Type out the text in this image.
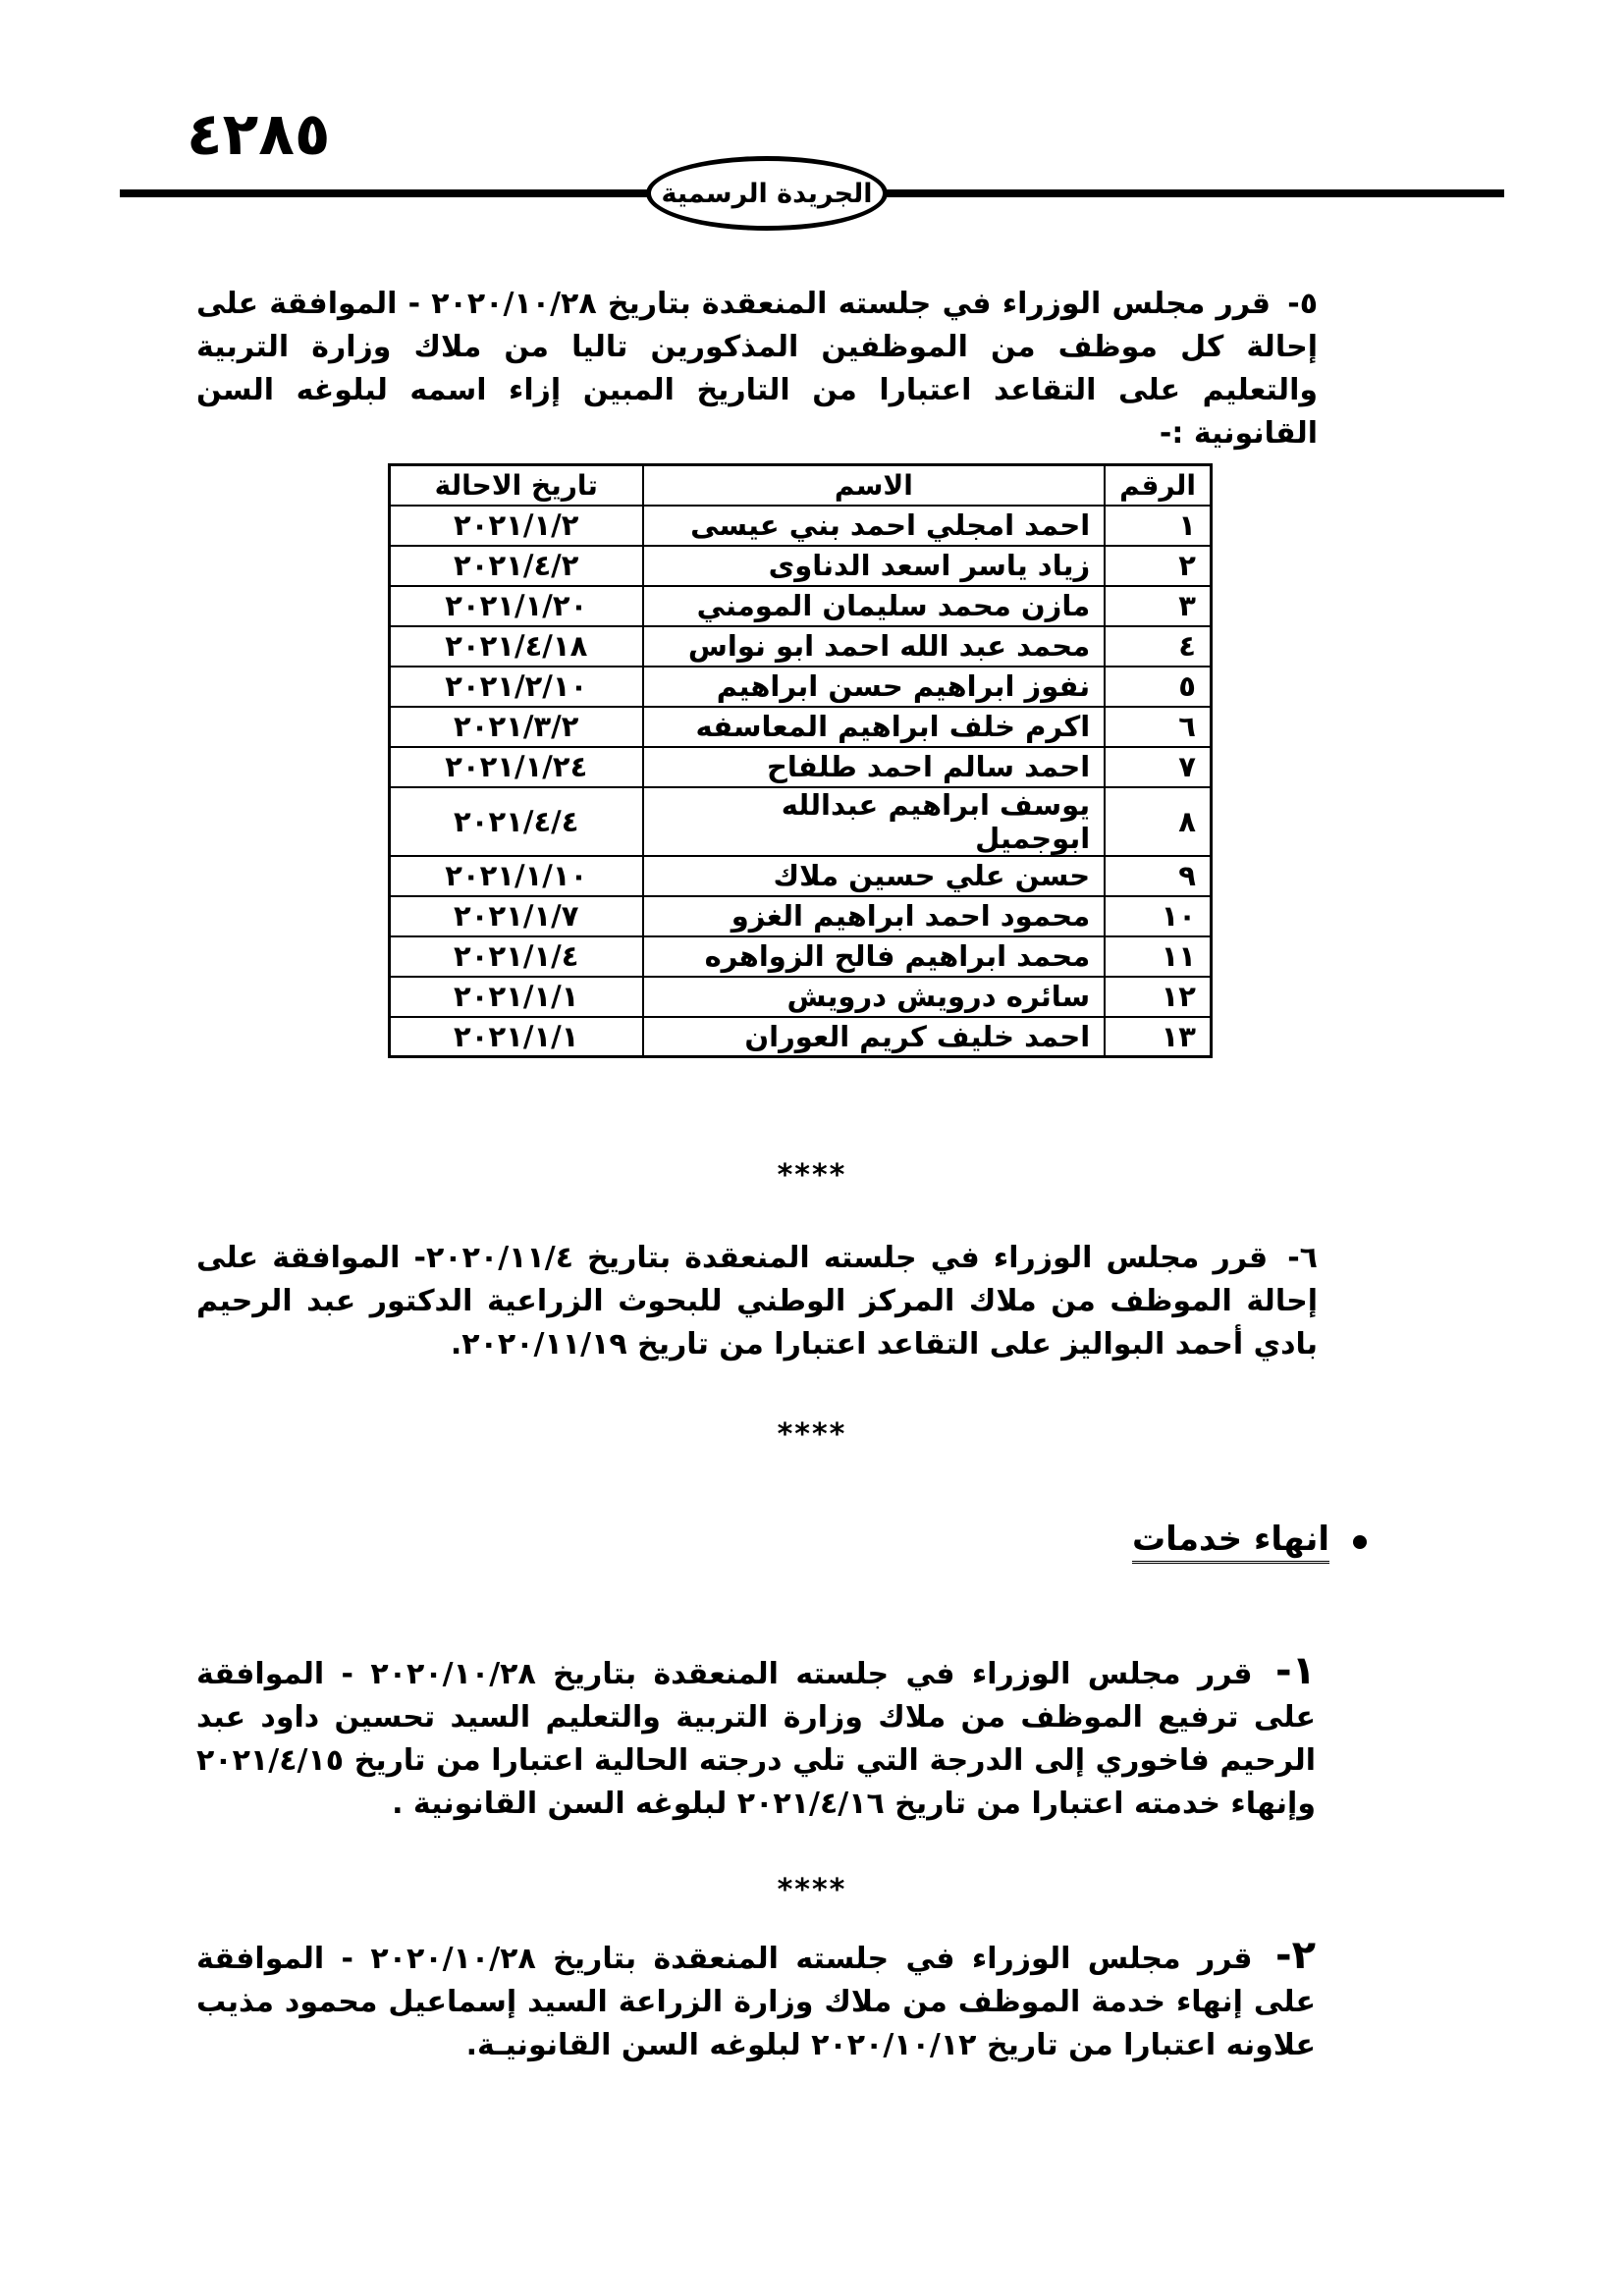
٤٢٨٥
الجريدة الرسمية
٥- قرر مجلس الوزراء في جلسته المنعقدة بتاريخ ٢٠٢٠/١٠/٢٨ - الموافقة على إحالة كل موظف من الموظفين المذكورين تاليا من ملاك وزارة التربية والتعليم على التقاعد اعتبارا من التاريخ المبين إزاء اسمه لبلوغه السن القانونية :-
الرقم	الاسم	تاريخ الاحالة
١	احمد امجلي احمد بني عيسى	٢٠٢١/١/٢
٢	زياد ياسر اسعد الدناوى	٢٠٢١/٤/٢
٣	مازن محمد سليمان المومني	٢٠٢١/١/٢٠
٤	محمد عبد الله احمد ابو نواس	٢٠٢١/٤/١٨
٥	نفوز ابراهيم حسن ابراهيم	٢٠٢١/٢/١٠
٦	اكرم خلف ابراهيم المعاسفه	٢٠٢١/٣/٢
٧	احمد سالم احمد طلفاح	٢٠٢١/١/٢٤
٨	يوسف ابراهيم عبدالله ابوجميل	٢٠٢١/٤/٤
٩	حسن علي حسين ملاك	٢٠٢١/١/١٠
١٠	محمود احمد ابراهيم الغزو	٢٠٢١/١/٧
١١	محمد ابراهيم فالح الزواهره	٢٠٢١/١/٤
١٢	سائره درويش درويش	٢٠٢١/١/١
١٣	احمد خليف كريم العوران	٢٠٢١/١/١
****
٦- قرر مجلس الوزراء في جلسته المنعقدة بتاريخ ٢٠٢٠/١١/٤- الموافقة على إحالة الموظف من ملاك المركز الوطني للبحوث الزراعية الدكتور عبد الرحيم بادي أحمد البواليز على التقاعد اعتبارا من تاريخ ٢٠٢٠/١١/١٩.
****
انهاء خدمات
١- قرر مجلس الوزراء في جلسته المنعقدة بتاريخ ٢٠٢٠/١٠/٢٨ - الموافقة على ترفيع الموظف من ملاك وزارة التربية والتعليم السيد تحسين داود عبد الرحيم فاخوري إلى الدرجة التي تلي درجته الحالية اعتبارا من تاريخ ٢٠٢١/٤/١٥ وإنهاء خدمته اعتبارا من تاريخ ٢٠٢١/٤/١٦ لبلوغه السن القانونية .
****
٢- قرر مجلس الوزراء في جلسته المنعقدة بتاريخ ٢٠٢٠/١٠/٢٨ - الموافقة على إنهاء خدمة الموظف من ملاك وزارة الزراعة السيد إسماعيل محمود مذيب علاونه اعتبارا من تاريخ ٢٠٢٠/١٠/١٢ لبلوغه السن القانونيـة.
